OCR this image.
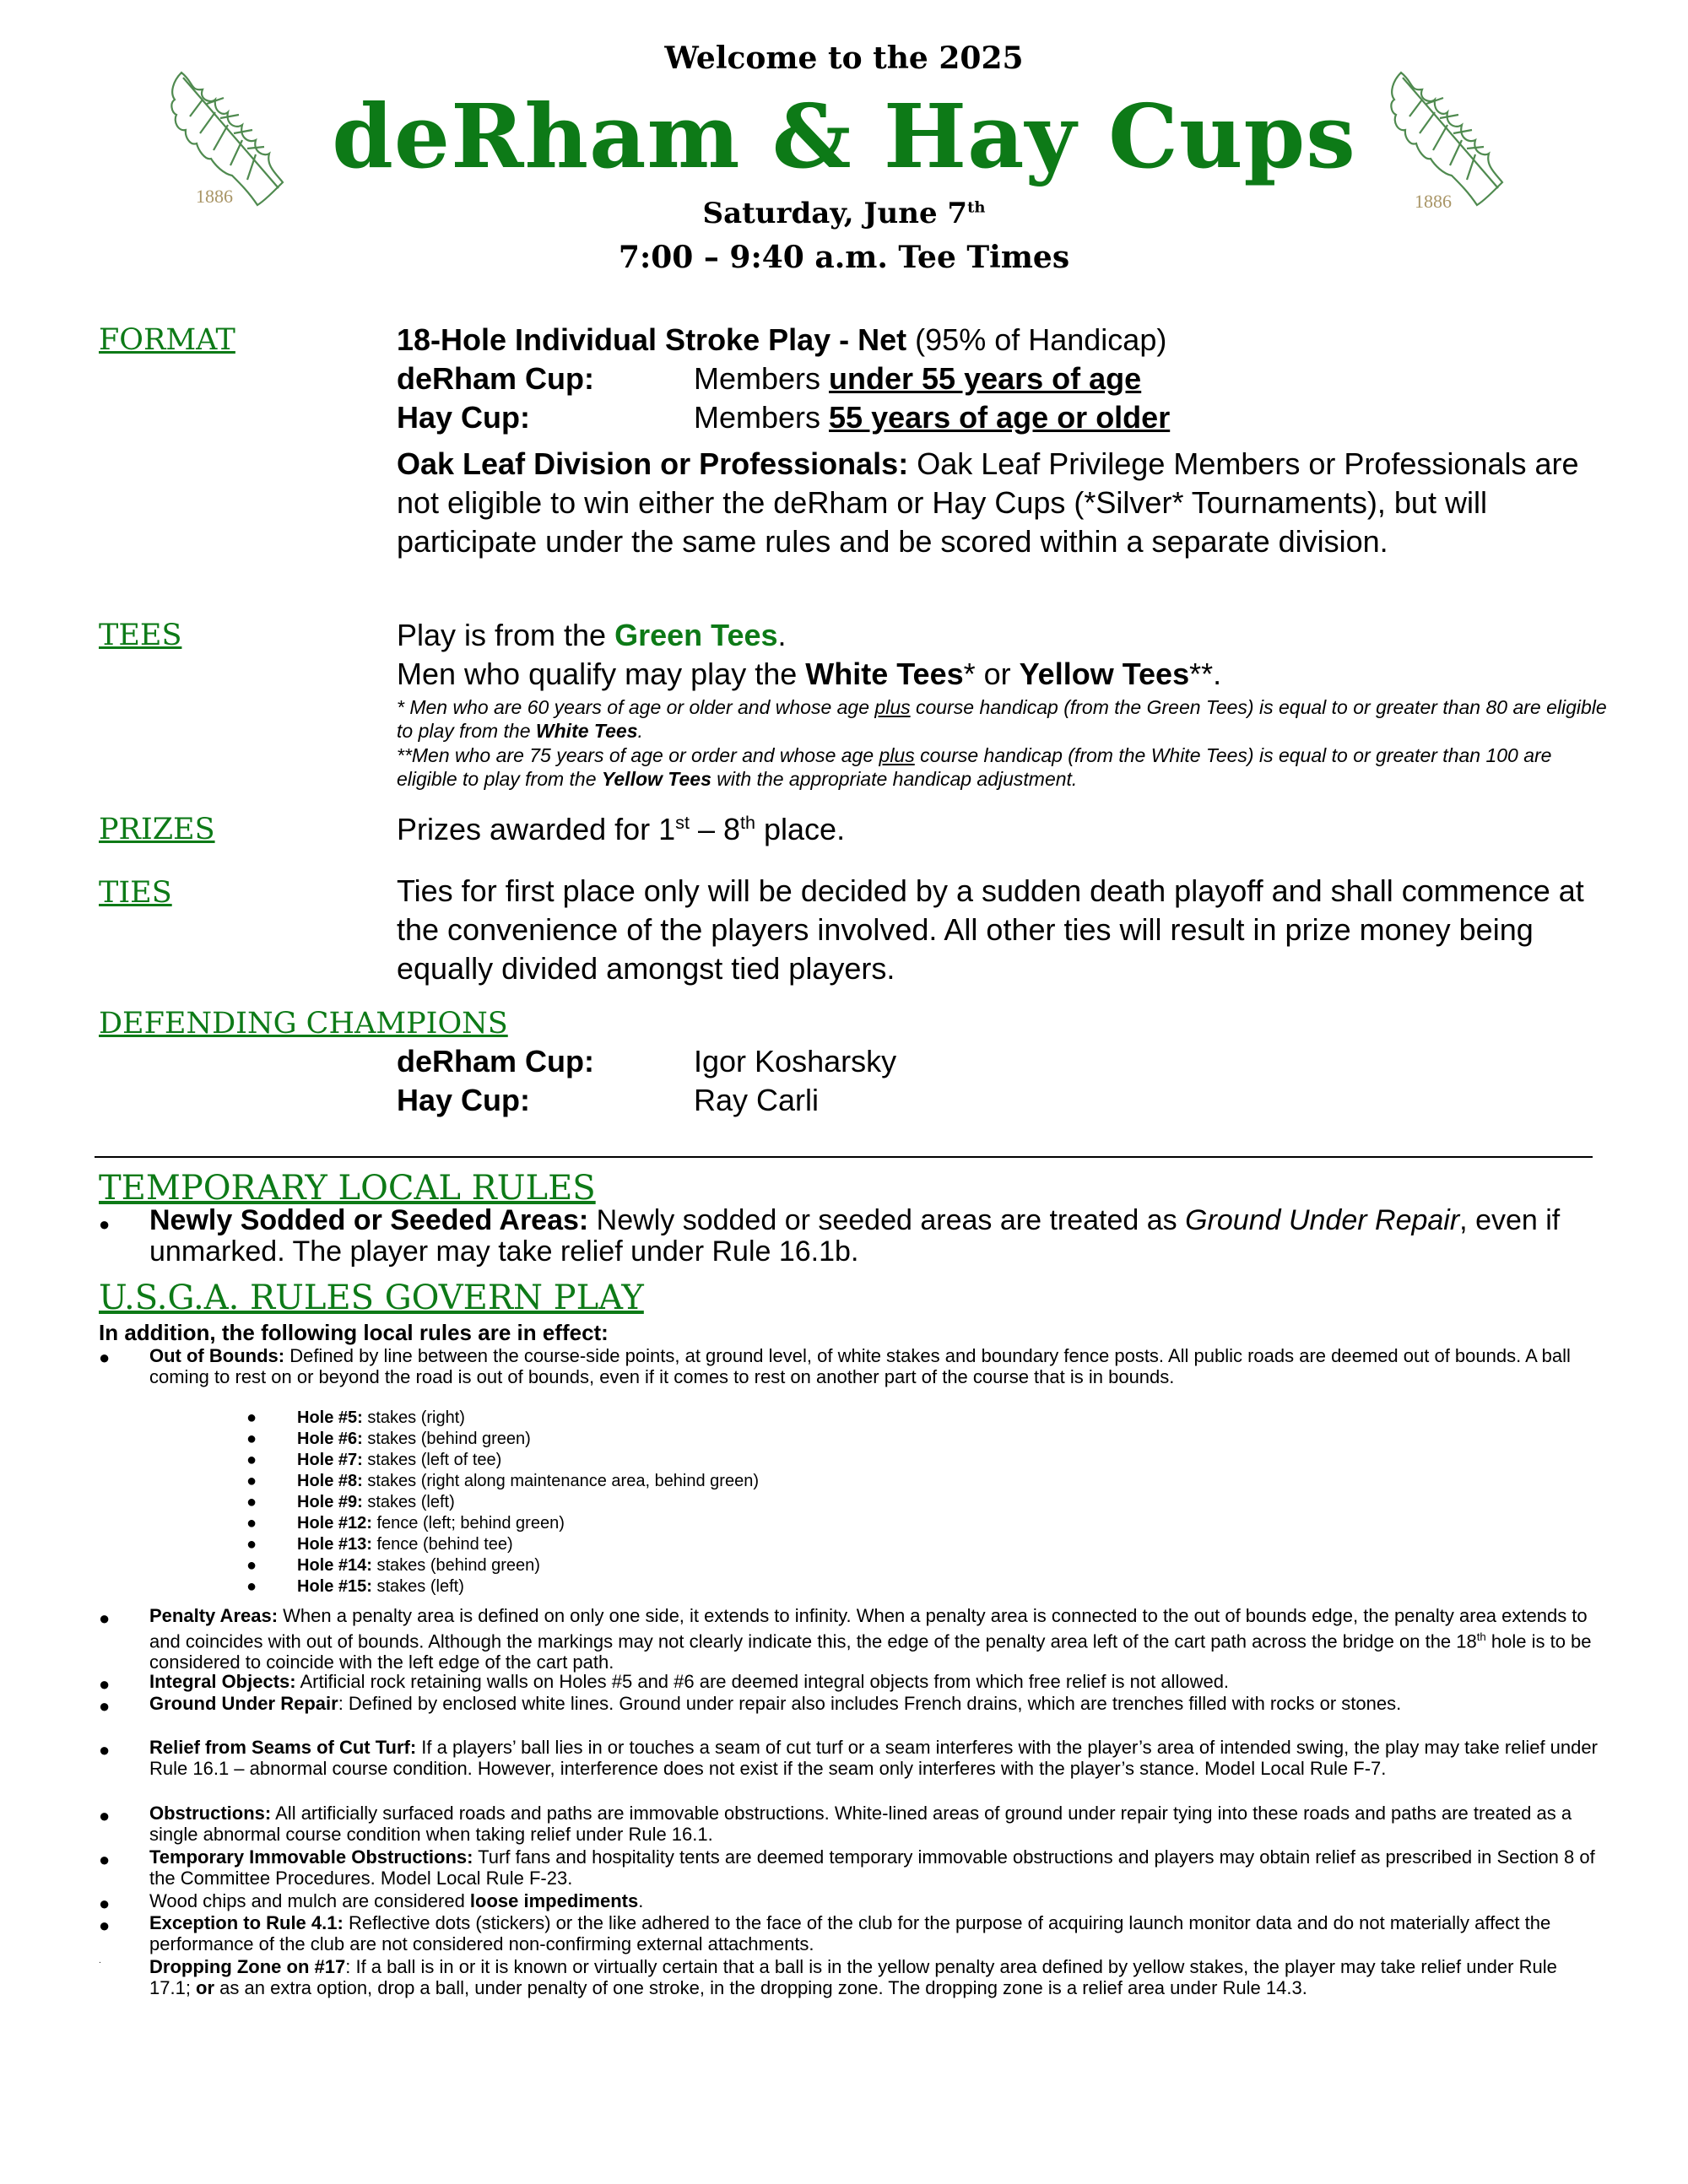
1886	1886
Welcome to the 2025
deRham & Hay Cups
Saturday, June 7th
7:00 – 9:40 a.m. Tee Times
FORMAT	18-Hole Individual Stroke Play - Net (95% of Handicap)
deRham Cup:	Members under 55 years of age
Hay Cup:	Members 55 years of age or older
Oak Leaf Division or Professionals: Oak Leaf Privilege Members or Professionals are not eligible to win either the deRham or Hay Cups (*Silver* Tournaments), but will participate under the same rules and be scored within a separate division.
TEES	Play is from the Green Tees.
Men who qualify may play the White Tees* or Yellow Tees**.
* Men who are 60 years of age or older and whose age plus course handicap (from the Green Tees) is equal to or greater than 80 are eligible to play from the White Tees.
**Men who are 75 years of age or order and whose age plus course handicap (from the White Tees) is equal to or greater than 100 are eligible to play from the Yellow Tees with the appropriate handicap adjustment.
PRIZES	Prizes awarded for 1st – 8th place.
TIES	Ties for first place only will be decided by a sudden death playoff and shall commence at the convenience of the players involved. All other ties will result in prize money being equally divided amongst tied players.
DEFENDING CHAMPIONS
deRham Cup:	Igor Kosharsky
Hay Cup:	Ray Carli
TEMPORARY LOCAL RULES
● Newly Sodded or Seeded Areas: Newly sodded or seeded areas are treated as Ground Under Repair, even if unmarked. The player may take relief under Rule 16.1b.
U.S.G.A. RULES GOVERN PLAY
In addition, the following local rules are in effect:
● Out of Bounds: Defined by line between the course-side points, at ground level, of white stakes and boundary fence posts. All public roads are deemed out of bounds. A ball coming to rest on or beyond the road is out of bounds, even if it comes to rest on another part of the course that is in bounds.
● Hole #5: stakes (right)
● Hole #6: stakes (behind green)
● Hole #7: stakes (left of tee)
● Hole #8: stakes (right along maintenance area, behind green)
● Hole #9: stakes (left)
● Hole #12: fence (left; behind green)
● Hole #13: fence (behind tee)
● Hole #14: stakes (behind green)
● Hole #15: stakes (left)
● Penalty Areas: When a penalty area is defined on only one side, it extends to infinity. When a penalty area is connected to the out of bounds edge, the penalty area extends to and coincides with out of bounds. Although the markings may not clearly indicate this, the edge of the penalty area left of the cart path across the bridge on the 18th hole is to be considered to coincide with the left edge of the cart path.
● Integral Objects: Artificial rock retaining walls on Holes #5 and #6 are deemed integral objects from which free relief is not allowed.
● Ground Under Repair: Defined by enclosed white lines. Ground under repair also includes French drains, which are trenches filled with rocks or stones.
● Relief from Seams of Cut Turf: If a players’ ball lies in or touches a seam of cut turf or a seam interferes with the player’s area of intended swing, the play may take relief under Rule 16.1 – abnormal course condition. However, interference does not exist if the seam only interferes with the player’s stance. Model Local Rule F-7.
● Obstructions: All artificially surfaced roads and paths are immovable obstructions. White-lined areas of ground under repair tying into these roads and paths are treated as a single abnormal course condition when taking relief under Rule 16.1.
● Temporary Immovable Obstructions: Turf fans and hospitality tents are deemed temporary immovable obstructions and players may obtain relief as prescribed in Section 8 of the Committee Procedures. Model Local Rule F-23.
● Wood chips and mulch are considered loose impediments.
● Exception to Rule 4.1: Reflective dots (stickers) or the like adhered to the face of the club for the purpose of acquiring launch monitor data and do not materially affect the performance of the club are not considered non-confirming external attachments.
.	Dropping Zone on #17: If a ball is in or it is known or virtually certain that a ball is in the yellow penalty area defined by yellow stakes, the player may take relief under Rule 17.1; or as an extra option, drop a ball, under penalty of one stroke, in the dropping zone. The dropping zone is a relief area under Rule 14.3.
